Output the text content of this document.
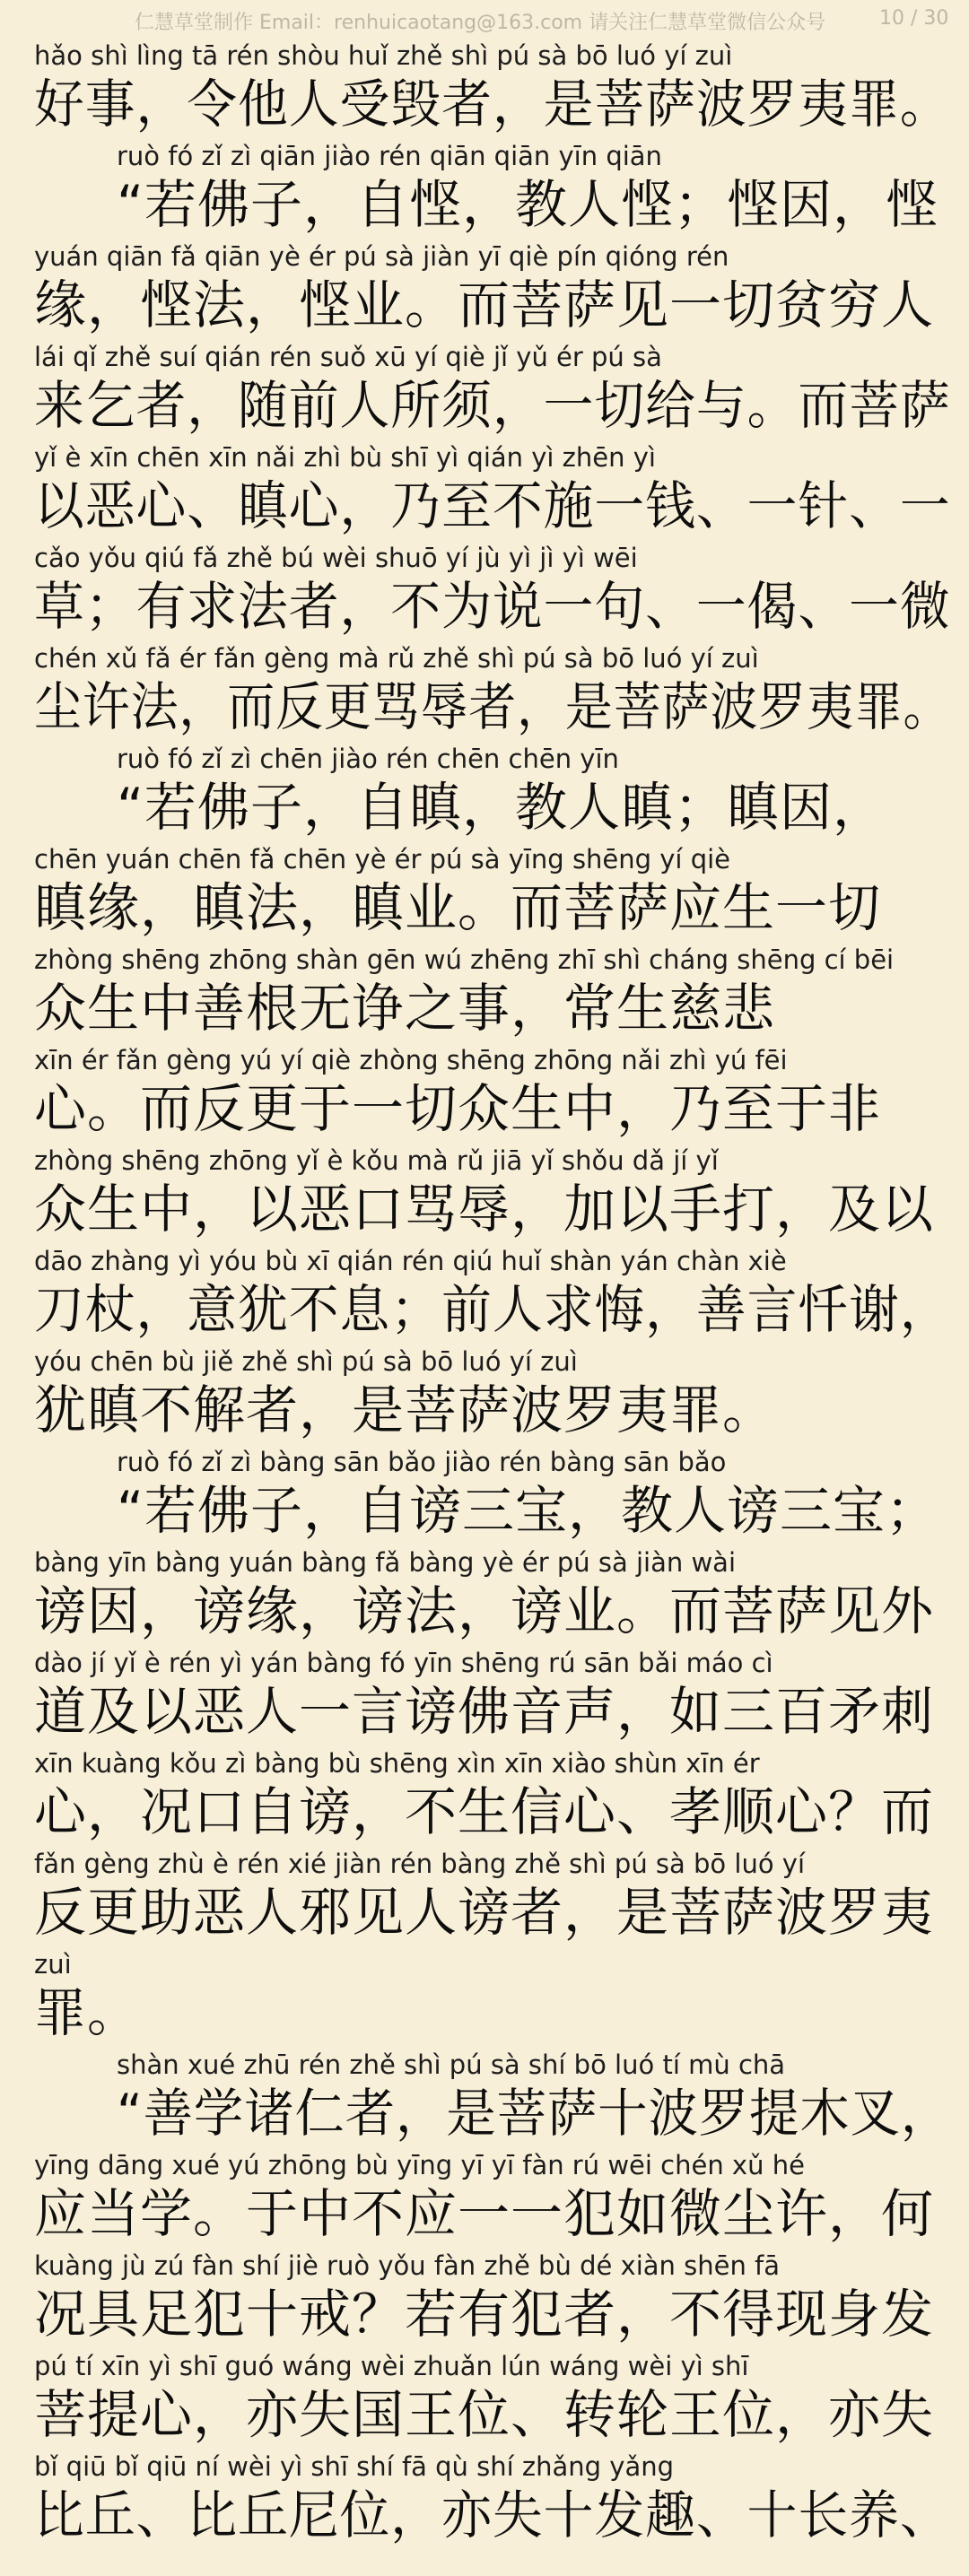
仁慧草堂制作 Email：renhuicaotang@163.com 请关注仁慧草堂微信公众号	10 / 30
hǎo shì lìng tā rén shòu huǐ zhě shì pú sà bō luó yí zuì
好事，令他人受毁者，是菩萨波罗夷罪。
ruò fó zǐ zì qiān jiào rén qiān qiān yīn qiān
“若佛子，自悭，教人悭；悭因，悭
yuán qiān fǎ qiān yè ér pú sà jiàn yī qiè pín qióng rén
缘，悭法，悭业。而菩萨见一切贫穷人
lái qǐ zhě suí qián rén suǒ xū yí qiè jǐ yǔ ér pú sà
来乞者，随前人所须，一切给与。而菩萨
yǐ è xīn chēn xīn nǎi zhì bù shī yì qián yì zhēn yì
以恶心、瞋心，乃至不施一钱、一针、一
cǎo yǒu qiú fǎ zhě bú wèi shuō yí jù yì jì yì wēi
草；有求法者，不为说一句、一偈、一微
chén xǔ fǎ ér fǎn gèng mà rǔ zhě shì pú sà bō luó yí zuì
尘许法，而反更骂辱者，是菩萨波罗夷罪。
ruò fó zǐ zì chēn jiào rén chēn chēn yīn
“若佛子，自瞋，教人瞋；瞋因，
chēn yuán chēn fǎ chēn yè ér pú sà yīng shēng yí qiè
瞋缘，瞋法，瞋业。而菩萨应生一切
zhòng shēng zhōng shàn gēn wú zhēng zhī shì cháng shēng cí bēi
众生中善根无诤之事，常生慈悲
xīn ér fǎn gèng yú yí qiè zhòng shēng zhōng nǎi zhì yú fēi
心。而反更于一切众生中，乃至于非
zhòng shēng zhōng yǐ è kǒu mà rǔ jiā yǐ shǒu dǎ jí yǐ
众生中，以恶口骂辱，加以手打，及以
dāo zhàng yì yóu bù xī qián rén qiú huǐ shàn yán chàn xiè
刀杖，意犹不息；前人求悔，善言忏谢，
yóu chēn bù jiě zhě shì pú sà bō luó yí zuì
犹瞋不解者，是菩萨波罗夷罪。
ruò fó zǐ zì bàng sān bǎo jiào rén bàng sān bǎo
“若佛子，自谤三宝，教人谤三宝；
bàng yīn bàng yuán bàng fǎ bàng yè ér pú sà jiàn wài
谤因，谤缘，谤法，谤业。而菩萨见外
dào jí yǐ è rén yì yán bàng fó yīn shēng rú sān bǎi máo cì
道及以恶人一言谤佛音声，如三百矛刺
xīn kuàng kǒu zì bàng bù shēng xìn xīn xiào shùn xīn ér
心，况口自谤，不生信心、孝顺心？而
fǎn gèng zhù è rén xié jiàn rén bàng zhě shì pú sà bō luó yí
反更助恶人邪见人谤者，是菩萨波罗夷
zuì
罪。
shàn xué zhū rén zhě shì pú sà shí bō luó tí mù chā
“善学诸仁者，是菩萨十波罗提木叉，
yīng dāng xué yú zhōng bù yīng yī yī fàn rú wēi chén xǔ hé
应当学。于中不应一一犯如微尘许，何
kuàng jù zú fàn shí jiè ruò yǒu fàn zhě bù dé xiàn shēn fā
况具足犯十戒？若有犯者，不得现身发
pú tí xīn yì shī guó wáng wèi zhuǎn lún wáng wèi yì shī
菩提心，亦失国王位、转轮王位，亦失
bǐ qiū bǐ qiū ní wèi yì shī shí fā qù shí zhǎng yǎng
比丘、比丘尼位，亦失十发趣、十长养、
